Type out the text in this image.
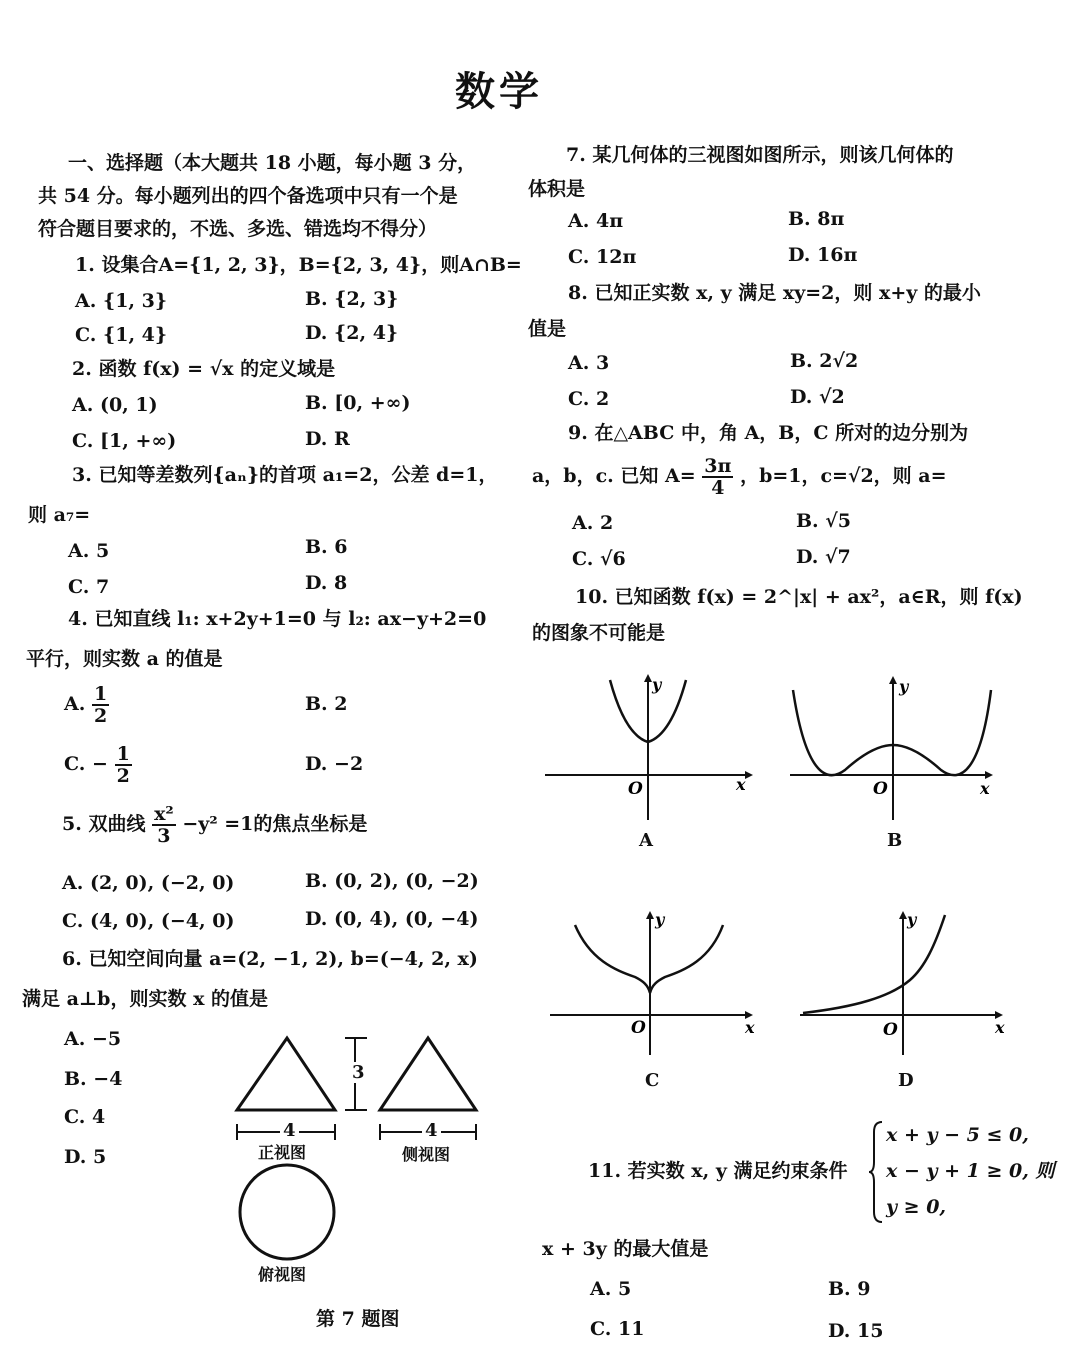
数学
一、选择题（本大题共 18 小题，每小题 3 分，
共 54 分。每小题列出的四个备选项中只有一个是
符合题目要求的，不选、多选、错选均不得分）
1. 设集合A={1, 2, 3}，B={2, 3, 4}，则A∩B=
A. {1, 3}	B. {2, 3}
C. {1, 4}	D. {2, 4}
2. 函数 f(x) = √x 的定义域是
A. (0, 1)	B. [0, +∞)
C. [1, +∞)	D. R
3. 已知等差数列{aₙ}的首项 a₁=2，公差 d=1，
则 a₇=
A. 5	B. 6
C. 7	D. 8
4. 已知直线 l₁: x+2y+1=0 与 l₂: ax−y+2=0
平行，则实数 a 的值是
A. $\frac{1}{2}$	B. 2
C. − $\frac{1}{2}$	D. −2
5. 双曲线 $\frac{\text{x²}}{3} -y^2 =1$的焦点坐标是
A. (2, 0), (−2, 0)	B. (0, 2), (0, −2)
C. (4, 0), (−4, 0)	D. (0, 4), (0, −4)
6. 已知空间向量 a=(2, −1, 2), b=(−4, 2, x)
满足 a⊥b，则实数 x 的值是
A. −5
B. −4
C. 4
D. 5
3
4	4
正视图	侧视图
俯视图
第 7 题图
7. 某几何体的三视图如图所示，则该几何体的
体积是
A. 4π	B. 8π
C. 12π	D. 16π
8. 已知正实数 x, y 满足 xy=2，则 x+y 的最小
值是
A. 3	B. 2√2
C. 2	D. √2
9. 在△ABC 中，角 A，B，C 所对的边分别为
a，b，c. 已知 $A= \frac{3\pi}{4}$ ，b=1，c=√2，则 a=
A. 2	B. √5
C. √6	D. √7
10. 已知函数 f(x) = 2^|x| + ax²，a∈R，则 f(x)
的图象不可能是
y
x
O
A
y
x
O
B
y
x
O
C
y
x
O
D
11. 若实数 x, y 满足约束条件
x + y − 5 ≤ 0,
x − y + 1 ≥ 0, 则
y ≥ 0,
x + 3y 的最大值是
A. 5	B. 9
C. 11	D. 15
